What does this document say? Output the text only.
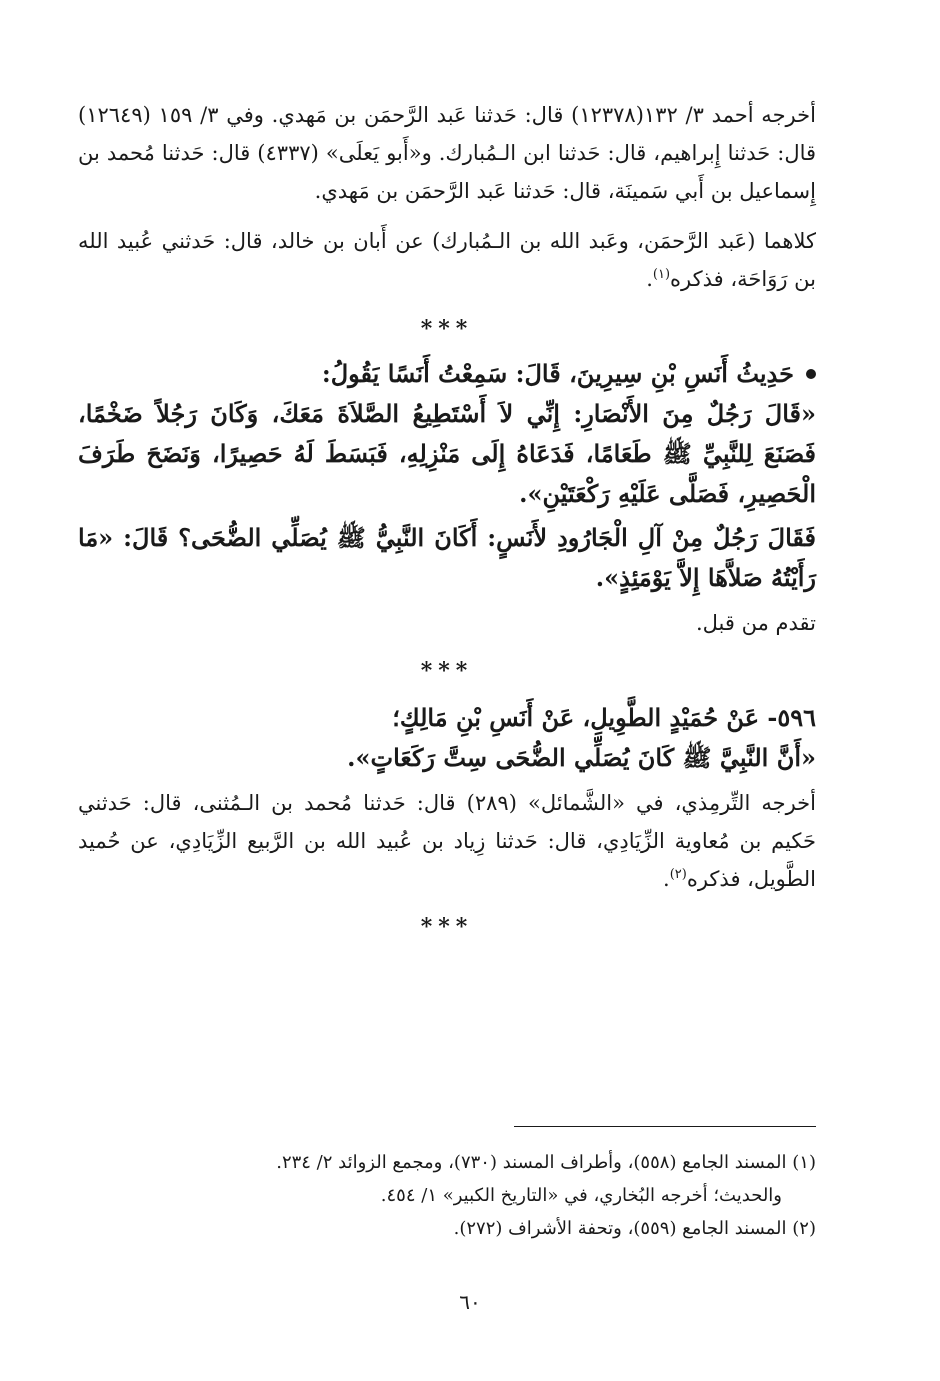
أخرجه أحمد ٣/ ١٣٢(١٢٣٧٨) قال: حَدثنا عَبد الرَّحمَن بن مَهدي. وفي ٣/ ١٥٩ (١٢٦٤٩) قال: حَدثنا إِبراهيم، قال: حَدثنا ابن الـمُبارك. و«أَبو يَعلَى» (٤٣٣٧) قال: حَدثنا مُحمد بن إِسماعيل بن أَبي سَمينَة، قال: حَدثنا عَبد الرَّحمَن بن مَهدي.

كلاهما (عَبد الرَّحمَن، وعَبد الله بن الـمُبارك) عن أَبان بن خالد، قال: حَدثني عُبيد الله بن رَوَاحَة، فذكره$^{(١)}$.

***
حَدِيثُ أَنَسِ بْنِ سِيرِينَ، قَالَ: سَمِعْتُ أَنَسًا يَقُولُ:

«قَالَ رَجُلٌ مِنَ الأَنْصَارِ: إِنِّي لاَ أَسْتَطِيعُ الصَّلاَةَ مَعَكَ، وَكَانَ رَجُلاً ضَخْمًا، فَصَنَعَ لِلنَّبِيِّ ﷺ طَعَامًا، فَدَعَاهُ إِلَى مَنْزِلِهِ، فَبَسَطَ لَهُ حَصِيرًا، وَنَضَحَ طَرَفَ الْحَصِيرِ، فَصَلَّى عَلَيْهِ رَكْعَتَيْنِ».

فَقَالَ رَجُلٌ مِنْ آلِ الْجَارُودِ لأَنَسٍ: أَكَانَ النَّبِيُّ ﷺ يُصَلِّي الضُّحَى؟ قَالَ: «مَا رَأَيْتُهُ صَلاَّهَا إِلاَّ يَوْمَئِذٍ».

تقدم من قبل.
***

٥٩٦- عَنْ حُمَيْدٍ الطَّوِيلِ، عَنْ أَنَسِ بْنِ مَالِكٍ؛

«أَنَّ النَّبِيَّ ﷺ كَانَ يُصَلِّي الضُّحَى سِتَّ رَكَعَاتٍ».

أخرجه التِّرمِذي، في «الشَّمائل» (٢٨٩) قال: حَدثنا مُحمد بن الـمُثنى، قال: حَدثني حَكيم بن مُعاوية الزِّيَادِي، قال: حَدثنا زِياد بن عُبيد الله بن الرَّبيع الزِّيَادِي، عن حُميد الطَّويل، فذكره$^{(٢)}$.

***
(١) المسند الجامع (٥٥٨)، وأطراف المسند (٧٣٠)، ومجمع الزوائد ٢/ ٢٣٤.
والحديث؛ أخرجه البُخاري، في «التاريخ الكبير» ١/ ٤٥٤.
(٢) المسند الجامع (٥٥٩)، وتحفة الأشراف (٢٧٢).
٦٠
